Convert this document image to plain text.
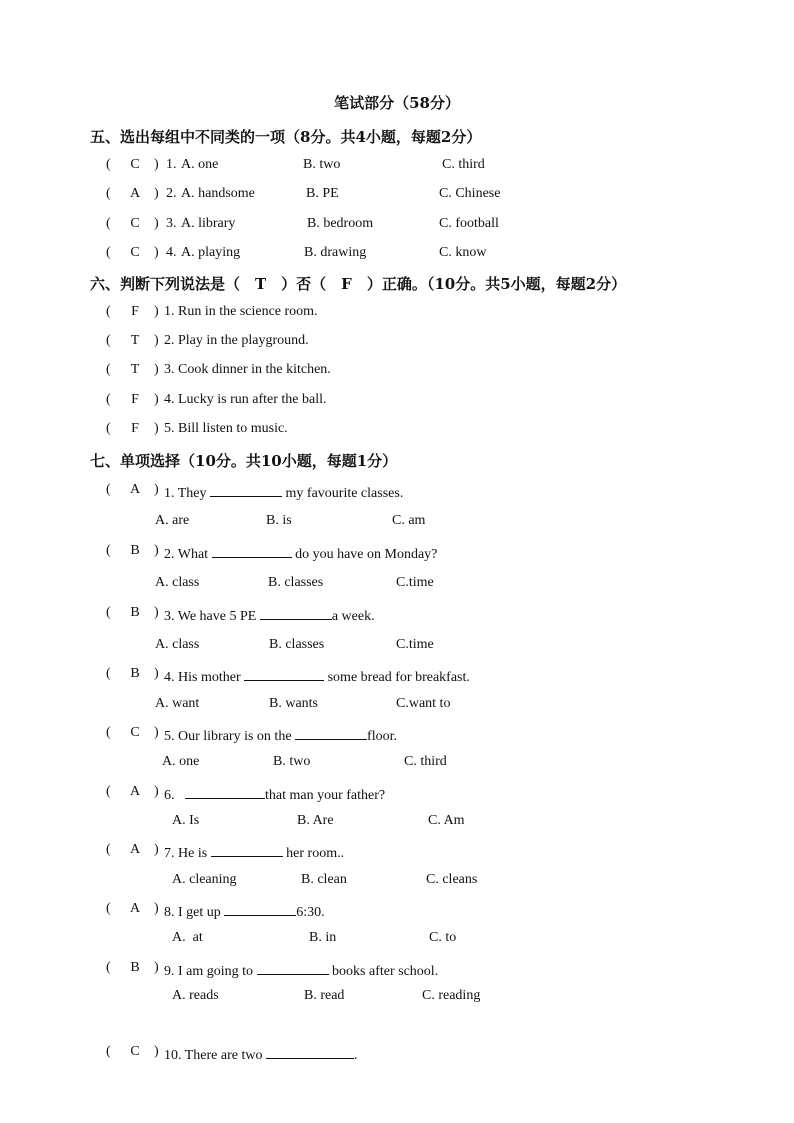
笔试部分（58分）
五、选出每组中不同类的一项（8分。共4小题，每题2分）
( C ) 1. A. one	B. two	C. third
( A ) 2. A. handsome	B. PE	C. Chinese
( C ) 3. A. library	B. bedroom	C. football
( C ) 4. A. playing	B. drawing	C. know
六、判断下列说法是（　T　）否（　F　）正确。（10分。共5小题，每题2分）
( F ) 1. Run in the science room.
( T ) 2. Play in the playground.
( T ) 3. Cook dinner in the kitchen.
( F ) 4. Lucky is run after the ball.
( F ) 5. Bill listen to music.
七、单项选择（10分。共10小题，每题1分）
( A ) 1. They	my favourite classes.
A. are	B. is	C. am
( B ) 2. What	do you have on Monday?
A. class	B. classes	C.time
( B ) 3. We have 5 PE	a week.
A. class	B. classes	C.time
( B ) 4. His mother	some bread for breakfast.
A. want	B. wants	C.want to
( C ) 5. Our library is on the	floor.
A. one	B. two	C. third
( A ) 6.	that man your father?
A. Is	B. Are	C. Am
( A ) 7. He is	her room..
A. cleaning	B. clean	C. cleans
( A ) 8. I get up	6:30.
A.  at	B. in	C. to
( B ) 9. I am going to	books after school.
A. reads	B. read	C. reading
( C ) 10. There are two	.
